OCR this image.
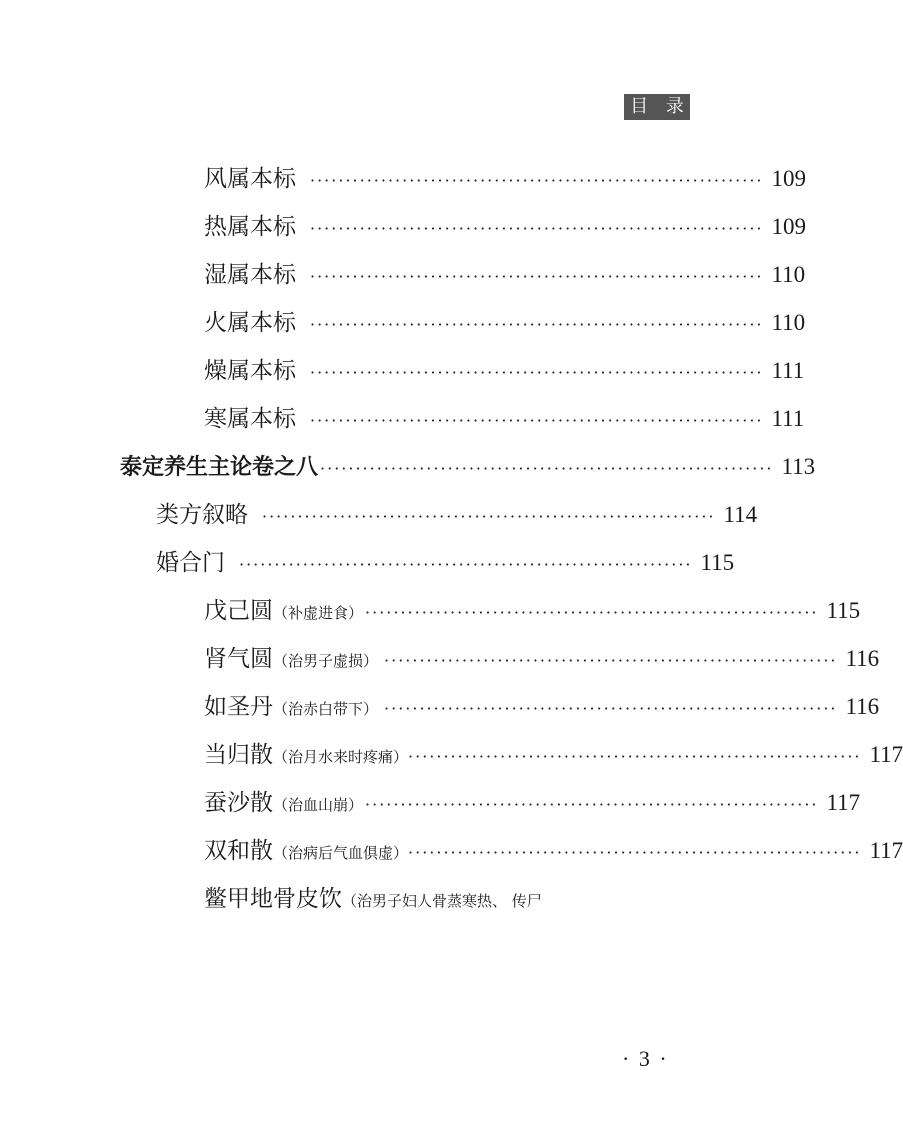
目 录
风属本标 ································································ 109
热属本标 ································································ 109
湿属本标 ································································ 110
火属本标 ································································ 110
燥属本标 ································································ 111
寒属本标 ································································ 111
泰定养生主论卷之八 ································································ 113
类方叙略 ································································ 114
婚合门 ································································ 115
戊己圆 （补虚进食） ································································ 115
肾气圆 （治男子虚损） ································································ 116
如圣丹 （治赤白带下） ································································ 116
当归散 （治月水来时疼痛） ································································ 117
蚕沙散 （治血山崩） ································································ 117
双和散 （治病后气血俱虚） ································································ 117
鳖甲地骨皮饮 （治男子妇人骨蒸寒热、 传尸
· 3 ·
